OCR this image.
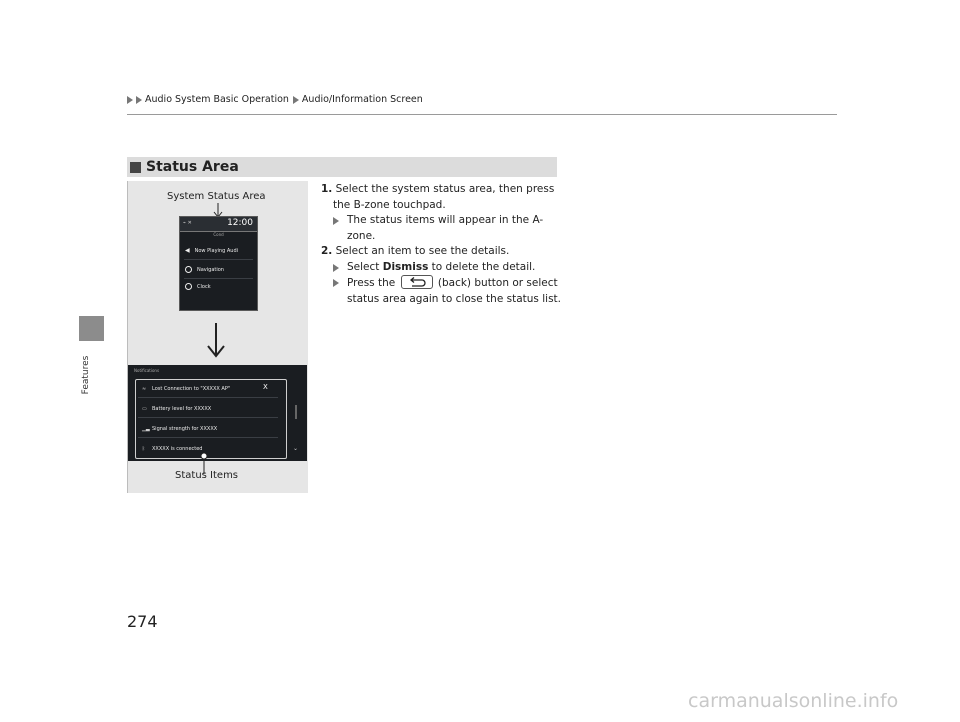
Audio System Basic Operation Audio/Information Screen
Features
Status Area
System Status Area
⌁ ✕	12:00
Cond
◀ Now Playing Audi
Navigation
Clock
Notifications
X
≈ Lost Connection to "XXXXX AP"
▭ Battery level for XXXXX
▁▃ Signal strength for XXXXX
ᛒ XXXXX is connected	⌄
Status Items
1. Select the system status area, then press the B-zone touchpad.
The status items will appear in the A-zone.
2. Select an item to see the details.
Select Dismiss to delete the detail.
Press the	(back) button or select status area again to close the status list.
274
carmanualsonline.info
